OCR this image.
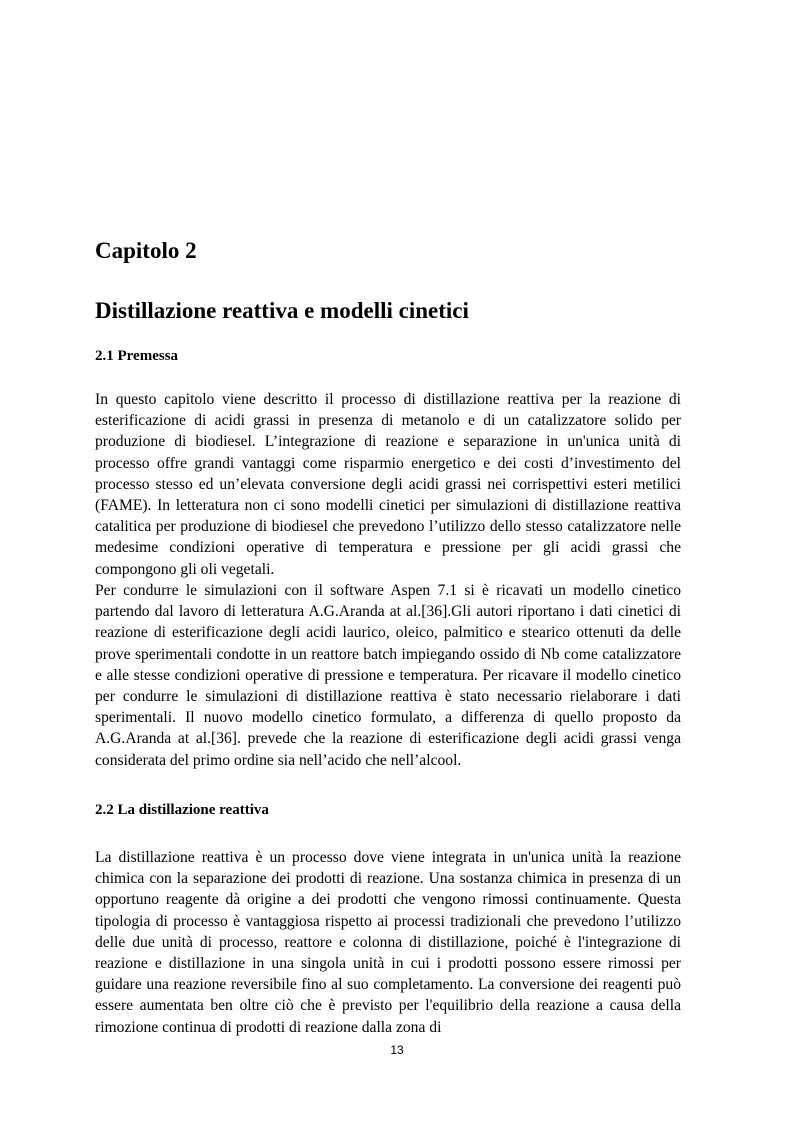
Capitolo 2
Distillazione reattiva e modelli cinetici
2.1 Premessa

In questo capitolo viene descritto il processo di distillazione reattiva per la reazione di esterificazione di acidi grassi in presenza di metanolo e di un catalizzatore solido per produzione di biodiesel. L’integrazione di reazione e separazione in un'unica unità di processo offre grandi vantaggi come risparmio energetico e dei costi d’investimento del processo stesso ed un’elevata conversione degli acidi grassi nei corrispettivi esteri metilici (FAME). In letteratura non ci sono modelli cinetici per simulazioni di distillazione reattiva catalitica per produzione di biodiesel che prevedono l’utilizzo dello stesso catalizzatore nelle medesime condizioni operative di temperatura e pressione per gli acidi grassi che compongono gli oli vegetali.

Per condurre le simulazioni con il software Aspen 7.1 si è ricavati un modello cinetico partendo dal lavoro di letteratura A.G.Aranda at al.[36].Gli autori riportano i dati cinetici di reazione di esterificazione degli acidi laurico, oleico, palmitico e stearico ottenuti da delle prove sperimentali condotte in un reattore batch impiegando ossido di Nb come catalizzatore e alle stesse condizioni operative di pressione e temperatura. Per ricavare il modello cinetico per condurre le simulazioni di distillazione reattiva è stato necessario rielaborare i dati sperimentali. Il nuovo modello cinetico formulato, a differenza di quello proposto da A.G.Aranda at al.[36]. prevede che la reazione di esterificazione degli acidi grassi venga considerata del primo ordine sia nell’acido che nell’alcool.

2.2 La distillazione reattiva

La distillazione reattiva è un processo dove viene integrata in un'unica unità la reazione chimica con la separazione dei prodotti di reazione. Una sostanza chimica in presenza di un opportuno reagente dà origine a dei prodotti che vengono rimossi continuamente. Questa tipologia di processo è vantaggiosa rispetto ai processi tradizionali che prevedono l’utilizzo delle due unità di processo, reattore e colonna di distillazione, poiché è l'integrazione di reazione e distillazione in una singola unità in cui i prodotti possono essere rimossi per guidare una reazione reversibile fino al suo completamento. La conversione dei reagenti può essere aumentata ben oltre ciò che è previsto per l'equilibrio della reazione a causa della rimozione continua di prodotti di reazione dalla zona di

13
